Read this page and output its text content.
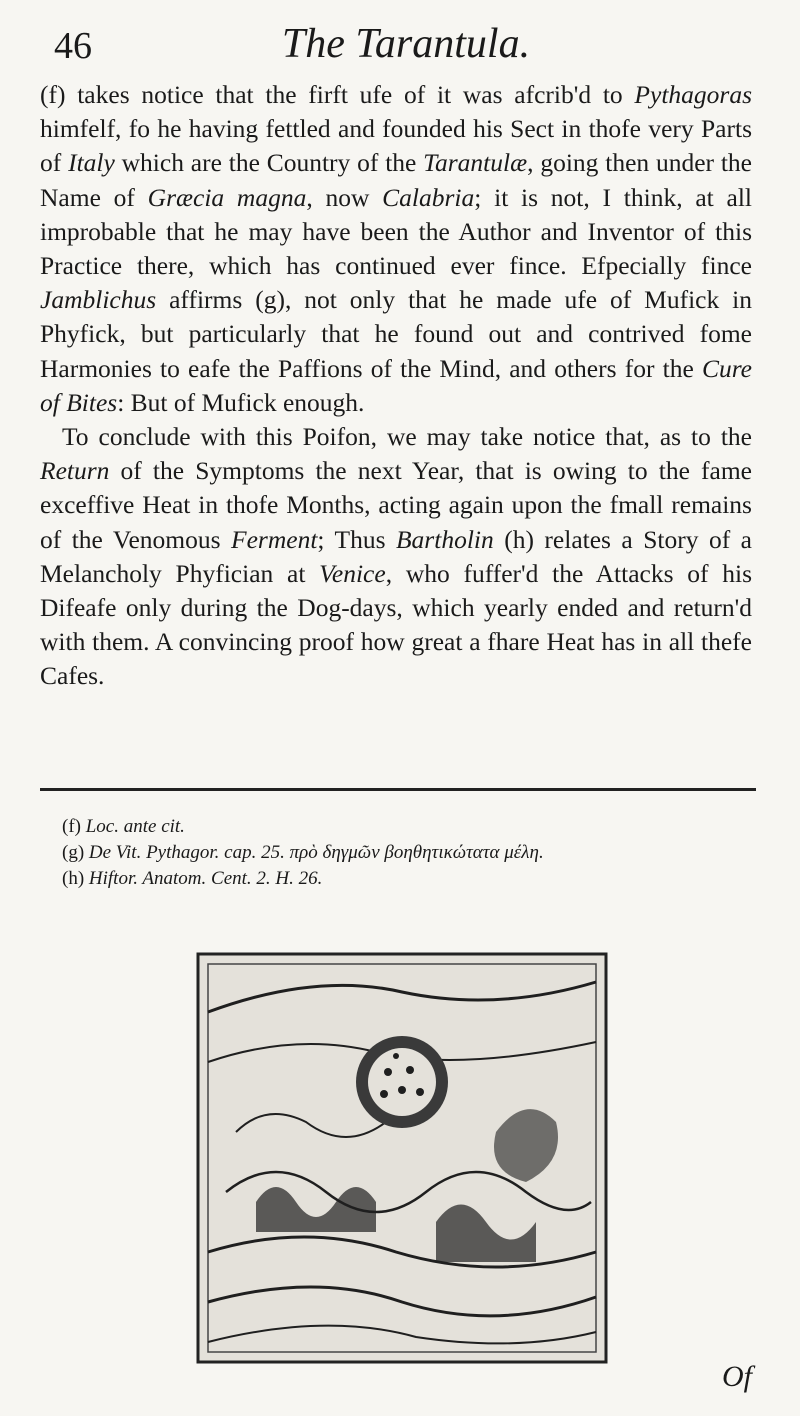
46	The Tarantula.

(f) takes notice that the firft ufe of it was afcrib'd to Pythagoras himfelf, fo he having fettled and founded his Sect in thofe very Parts of Italy which are the Country of the Tarantulæ, going then under the Name of Græcia magna, now Calabria; it is not, I think, at all improbable that he may have been the Author and Inventor of this Practice there, which has continued ever fince. Efpecially fince Jamblichus affirms (g), not only that he made ufe of Mufick in Phyfick, but particularly that he found out and contrived fome Harmonies to eafe the Paffions of the Mind, and others for the Cure of Bites: But of Mufick enough.

To conclude with this Poifon, we may take notice that, as to the Return of the Symptoms the next Year, that is owing to the fame exceffive Heat in thofe Months, acting again upon the fmall remains of the Venomous Ferment; Thus Bartholin (h) relates a Story of a Melancholy Phyfician at Venice, who fuffer'd the Attacks of his Difeafe only during the Dog-days, which yearly ended and return'd with them. A convincing proof how great a fhare Heat has in all thefe Cafes.

(f) Loc. ante cit.
(g) De Vit. Pythagor. cap. 25. πρὸ δηγμῶν βοηθητικώτατα μέλη.
(h) Hiftor. Anatom. Cent. 2. H. 26.
Of
